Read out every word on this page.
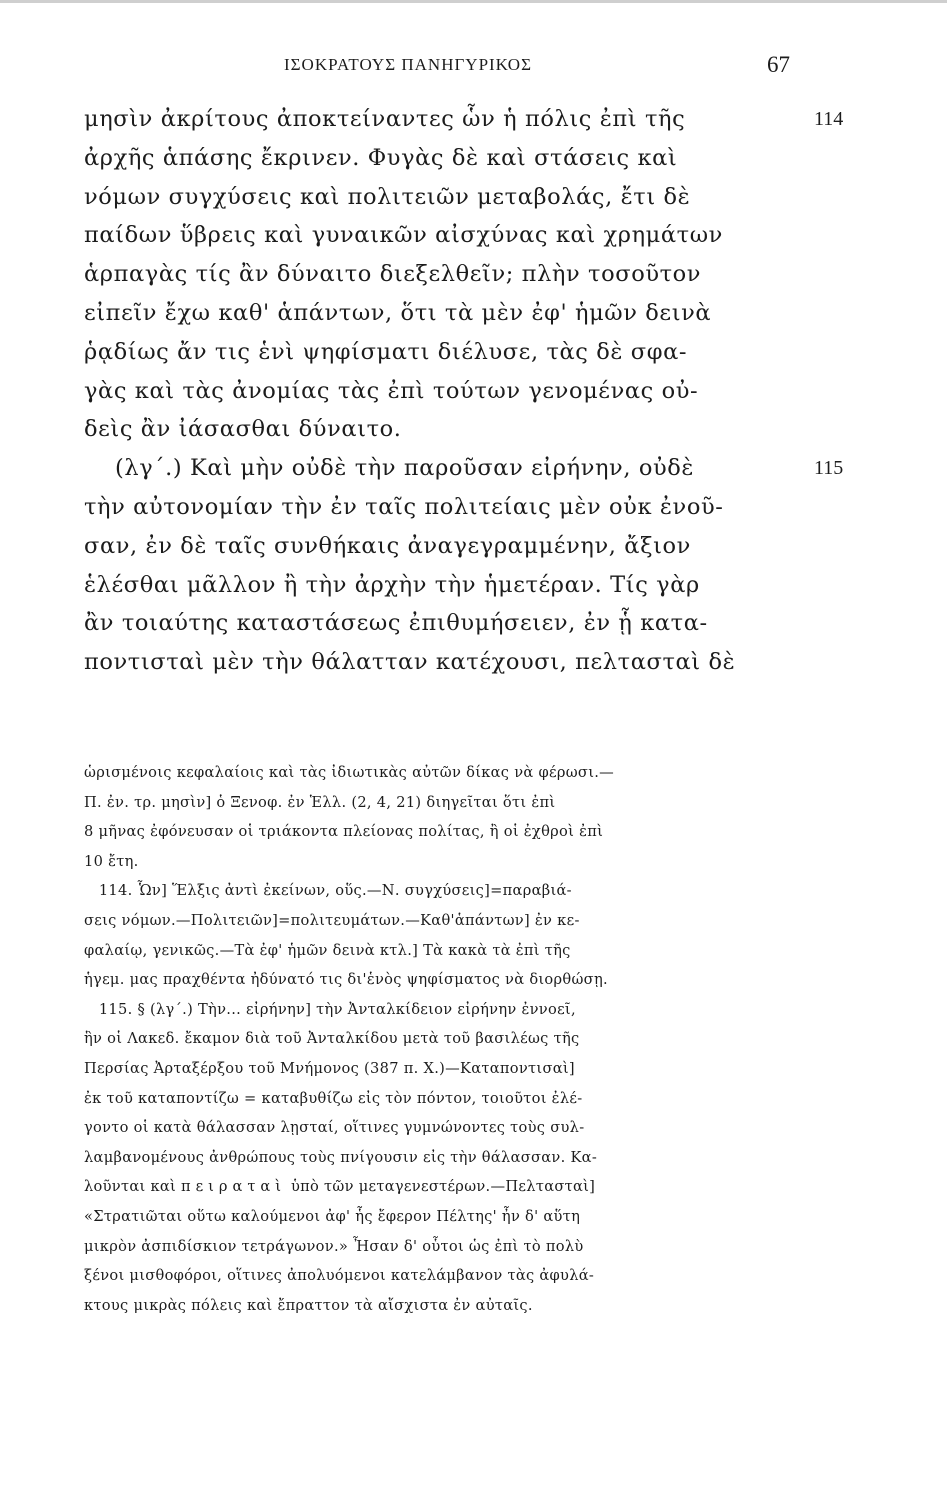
ΙΣΟΚΡΑΤΟΥΣ ΠΑΝΗΓΥΡΙΚΟΣ	67
μησὶν ἀκρίτους ἀποκτείναντες ὧν ἡ πόλις ἐπὶ τῆς	114
ἀρχῆς ἁπάσης ἔκρινεν. Φυγὰς δὲ καὶ στάσεις καὶ
νόμων συγχύσεις καὶ πολιτειῶν μεταβολάς, ἔτι δὲ
παίδων ὕβρεις καὶ γυναικῶν αἰσχύνας καὶ χρημάτων
ἁρπαγὰς τίς ἂν δύναιτο διεξελθεῖν; πλὴν τοσοῦτον
εἰπεῖν ἔχω καθ' ἁπάντων, ὅτι τὰ μὲν ἐφ' ἡμῶν δεινὰ
ῥᾳδίως ἄν τις ἑνὶ ψηφίσματι διέλυσε, τὰς δὲ σφα-
γὰς καὶ τὰς ἀνομίας τὰς ἐπὶ τούτων γενομένας οὐ-
δεὶς ἂν ἰάσασθαι δύναιτο.
(λγ΄.) Καὶ μὴν οὐδὲ τὴν παροῦσαν εἰρήνην, οὐδὲ	115
τὴν αὐτονομίαν τὴν ἐν ταῖς πολιτείαις μὲν οὐκ ἐνοῦ-
σαν, ἐν δὲ ταῖς συνθήκαις ἀναγεγραμμένην, ἄξιον
ἑλέσθαι μᾶλλον ἢ τὴν ἀρχὴν τὴν ἡμετέραν. Τίς γὰρ
ἂν τοιαύτης καταστάσεως ἐπιθυμήσειεν, ἐν ᾗ κατα-
ποντισταὶ μὲν τὴν θάλατταν κατέχουσι, πελτασταὶ δὲ
ὡρισμένοις κεφαλαίοις καὶ τὰς ἰδιωτικὰς αὐτῶν δίκας νὰ φέρωσι.—
Π. ἐν. τρ. μησὶν] ὁ Ξενοφ. ἐν Ἑλλ. (2, 4, 21) διηγεῖται ὅτι ἐπὶ
8 μῆνας ἐφόνευσαν οἱ τριάκοντα πλείονας πολίτας, ἢ οἱ ἐχθροὶ ἐπὶ
10 ἔτη.
114. Ὧν] Ἕλξις ἀντὶ ἐκείνων, οὕς.—Ν. συγχύσεις]=παραβιά-
σεις νόμων.—Πολιτειῶν]=πολιτευμάτων.—Καθ'ἁπάντων] ἐν κε-
φαλαίῳ, γενικῶς.—Τὰ ἐφ' ἡμῶν δεινὰ κτλ.] Τὰ κακὰ τὰ ἐπὶ τῆς
ἡγεμ. μας πραχθέντα ἠδύνατό τις δι'ἑνὸς ψηφίσματος νὰ διορθώσῃ.
115. § (λγ΄.) Τὴν... εἰρήνην] τὴν Ἀνταλκίδειον εἰρήνην ἐννοεῖ,
ἣν οἱ Λακεδ. ἔκαμον διὰ τοῦ Ἀνταλκίδου μετὰ τοῦ βασιλέως τῆς
Περσίας Ἀρταξέρξου τοῦ Μνήμονος (387 π. Χ.)—Καταποντισαὶ]
ἐκ τοῦ καταποντίζω = καταβυθίζω εἰς τὸν πόντον, τοιοῦτοι ἐλέ-
γοντο οἱ κατὰ θάλασσαν λῃσταί, οἵτινες γυμνώνοντες τοὺς συλ-
λαμβανομένους ἀνθρώπους τοὺς πνίγουσιν εἰς τὴν θάλασσαν. Κα-
λοῦνται καὶ πειραταὶ ὑπὸ τῶν μεταγενεστέρων.—Πελτασταὶ]
«Στρατιῶται οὕτω καλούμενοι ἀφ' ἧς ἔφερον Πέλτης' ἦν δ' αὕτη
μικρὸν ἀσπιδίσκιον τετράγωνον.» Ἦσαν δ' οὗτοι ὡς ἐπὶ τὸ πολὺ
ξένοι μισθοφόροι, οἵτινες ἀπολυόμενοι κατελάμβανον τὰς ἀφυλά-
κτους μικρὰς πόλεις καὶ ἔπραττον τὰ αἴσχιστα ἐν αὐταῖς.
